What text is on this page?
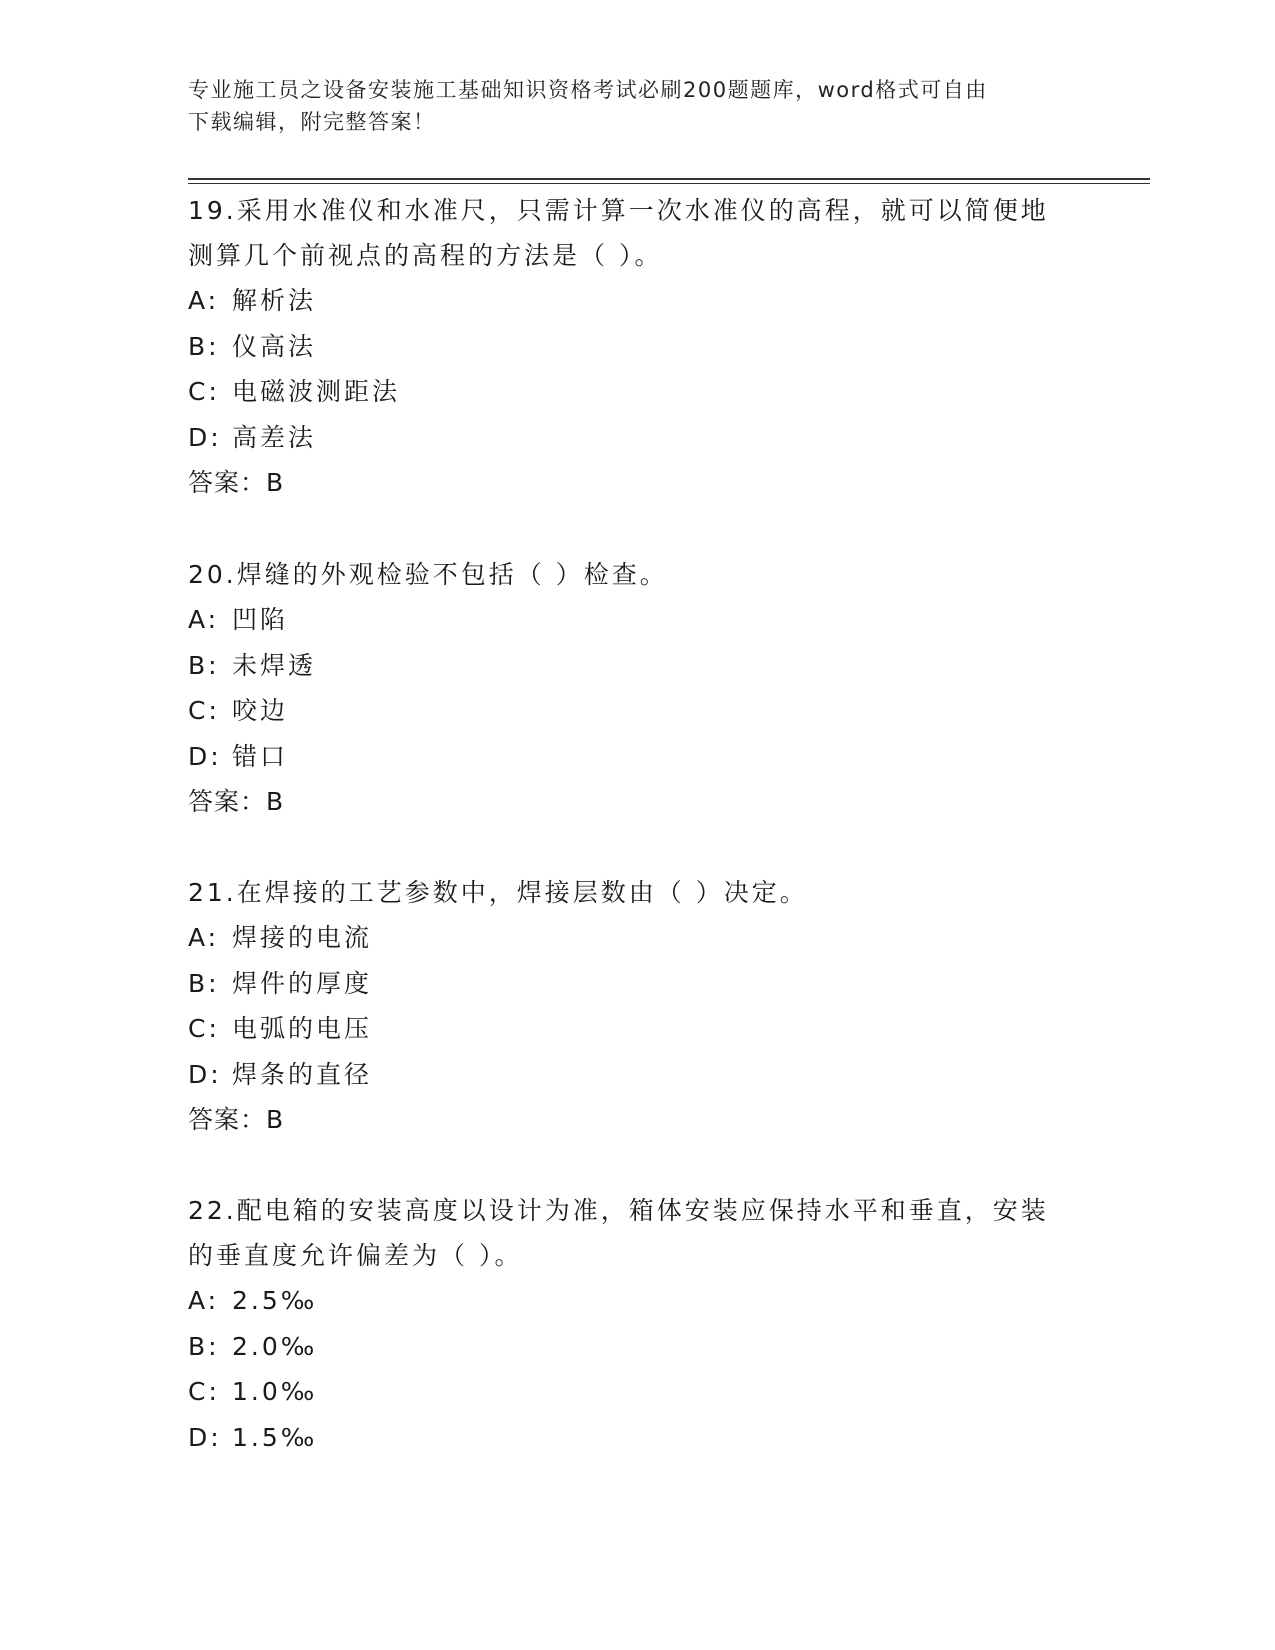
专业施工员之设备安装施工基础知识资格考试必刷200题题库，word格式可自由
下载编辑，附完整答案！

19.采用水准仪和水准尺，只需计算一次水准仪的高程，就可以简便地

测算几个前视点的高程的方法是（ ）。

A: 解析法

B: 仪高法

C: 电磁波测距法

D: 高差法

答案：B

20.焊缝的外观检验不包括（ ）检查。

A: 凹陷

B: 未焊透

C: 咬边

D: 错口

答案：B

21.在焊接的工艺参数中，焊接层数由（ ）决定。

A: 焊接的电流

B: 焊件的厚度

C: 电弧的电压

D: 焊条的直径

答案：B

22.配电箱的安装高度以设计为准，箱体安装应保持水平和垂直，安装

的垂直度允许偏差为（ ）。

A: 2.5‰

B: 2.0‰

C: 1.0‰

D: 1.5‰
